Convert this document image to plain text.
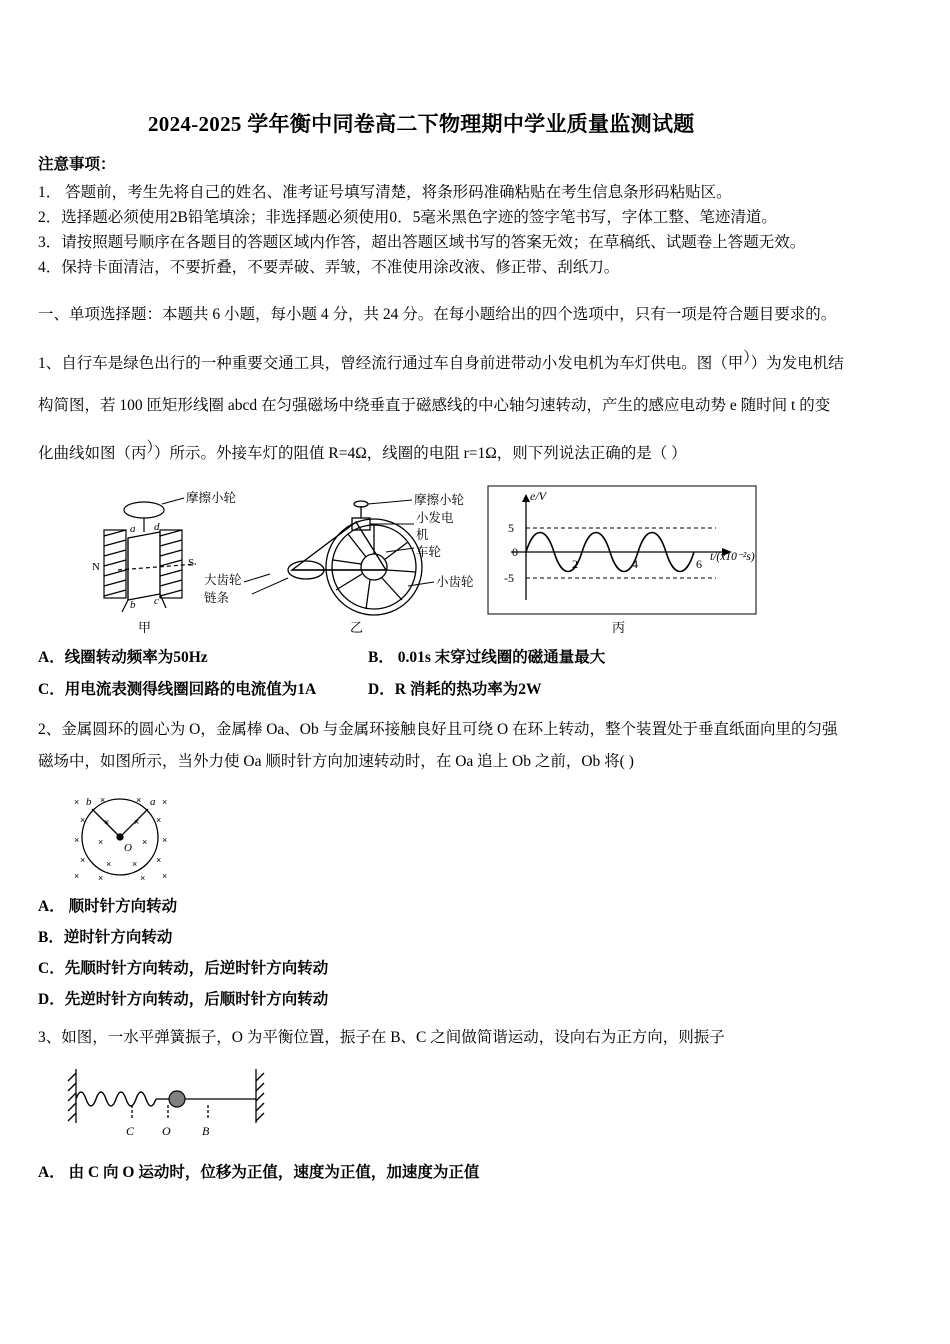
2024-2025 学年衡中同卷高二下物理期中学业质量监测试题
注意事项：

1． 答题前，考生先将自己的姓名、准考证号填写清楚，将条形码准确粘贴在考生信息条形码粘贴区。

2．选择题必须使用2B铅笔填涂；非选择题必须使用0．5毫米黑色字迹的签字笔书写，字体工整、笔迹清道。

3．请按照题号顺序在各题目的答题区域内作答，超出答题区域书写的答案无效；在草稿纸、试题卷上答题无效。

4．保持卡面清洁，不要折叠，不要弄破、弄皱，不准使用涂改液、修正带、刮纸刀。

一、单项选择题：本题共 6 小题，每小题 4 分，共 24 分。在每小题给出的四个选项中，只有一项是符合题目要求的。

1、自行车是绿色出行的一种重要交通工具，曾经流行通过车自身前进带动小发电机为车灯供电。图（甲））为发电机结

构简图，若 100 匝矩形线圈 abcd 在匀强磁场中绕垂直于磁感线的中心轴匀速转动，产生的感应电动势 e 随时间 t 的变

化曲线如图（丙））所示。外接车灯的阻值 R=4Ω，线圈的电阻 r=1Ω，则下列说法正确的是（ ）

N	S
a d
b c
甲
摩擦小轮	摩擦小轮
小发电
机
车轮
小齿轮
大齿轮
链条
乙
e/V
5
0
-5
2	4	6 t/(x10⁻²s)
丙
A．线圈转动频率为50Hz	B． 0.01s 末穿过线圈的磁通量最大
C．用电流表测得线圈回路的电流值为1A	D．R 消耗的热功率为2W

2、金属圆环的圆心为 O，金属棒 Oa、Ob 与金属环接触良好且可绕 O 在环上转动，整个装置处于垂直纸面向里的匀强

磁场中，如图所示，当外力使 Oa 顺时针方向加速转动时，在 Oa 追上 Ob 之前，Ob 将( )

b	a
O
× ×	× ×
× ×	× ×
× ×	× ×
× × × ×
× ×	× ×
A． 顺时针方向转动
B．逆时针方向转动
C．先顺时针方向转动，后逆时针方向转动
D．先逆时针方向转动，后顺时针方向转动

3、如图，一水平弹簧振子，O 为平衡位置，振子在 B、C 之间做简谐运动，设向右为正方向，则振子

C O	B
A． 由 C 向 O 运动时，位移为正值，速度为正值，加速度为正值
